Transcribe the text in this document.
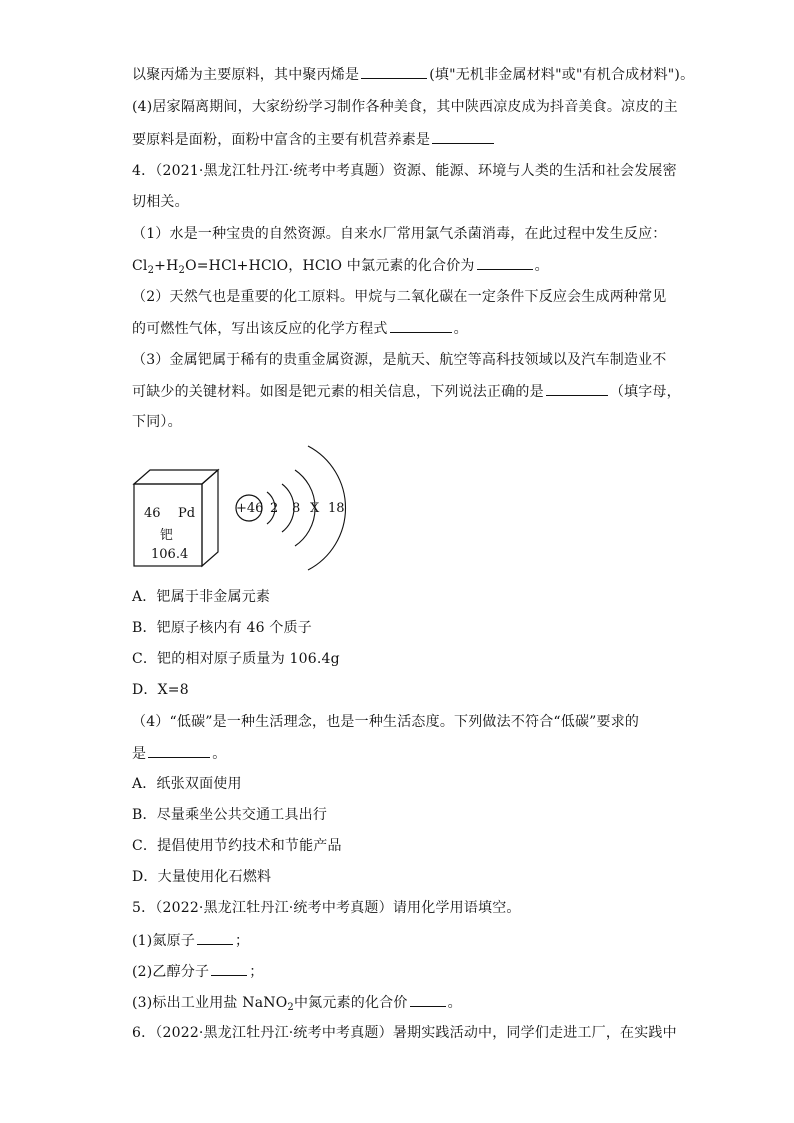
以聚丙烯为主要原料，其中聚丙烯是	(填"无机非金属材料"或"有机合成材料")。
(4)居家隔离期间，大家纷纷学习制作各种美食，其中陕西凉皮成为抖音美食。凉皮的主
要原料是面粉，面粉中富含的主要有机营养素是
4．（2021·黑龙江牡丹江·统考中考真题）资源、能源、环境与人类的生活和社会发展密
切相关。
（1）水是一种宝贵的自然资源。自来水厂常用氯气杀菌消毒，在此过程中发生反应：
$Cl_2+H_2O=HCl+HClO$，HClO 中氯元素的化合价为	。
（2）天然气也是重要的化工原料。甲烷与二氧化碳在一定条件下反应会生成两种常见
的可燃性气体，写出该反应的化学方程式	。
（3）金属钯属于稀有的贵重金属资源，是航天、航空等高科技领域以及汽车制造业不
可缺少的关键材料。如图是钯元素的相关信息，下列说法正确的是	（填字母，
下同）。
46 Pd
钯
106.4
+46 2 8 X 18
A．钯属于非金属元素
B．钯原子核内有 46 个质子
C．钯的相对原子质量为 106.4g
D．X=8
（4）“低碳”是一种生活理念，也是一种生活态度。下列做法不符合“低碳”要求的
是	。
A．纸张双面使用
B．尽量乘坐公共交通工具出行
C．提倡使用节约技术和节能产品
D．大量使用化石燃料
5．（2022·黑龙江牡丹江·统考中考真题）请用化学用语填空。
(1)氮原子	；
(2)乙醇分子	；
(3)标出工业用盐 NaNO$_2$中氮元素的化合价	。
6．（2022·黑龙江牡丹江·统考中考真题）暑期实践活动中，同学们走进工厂，在实践中
